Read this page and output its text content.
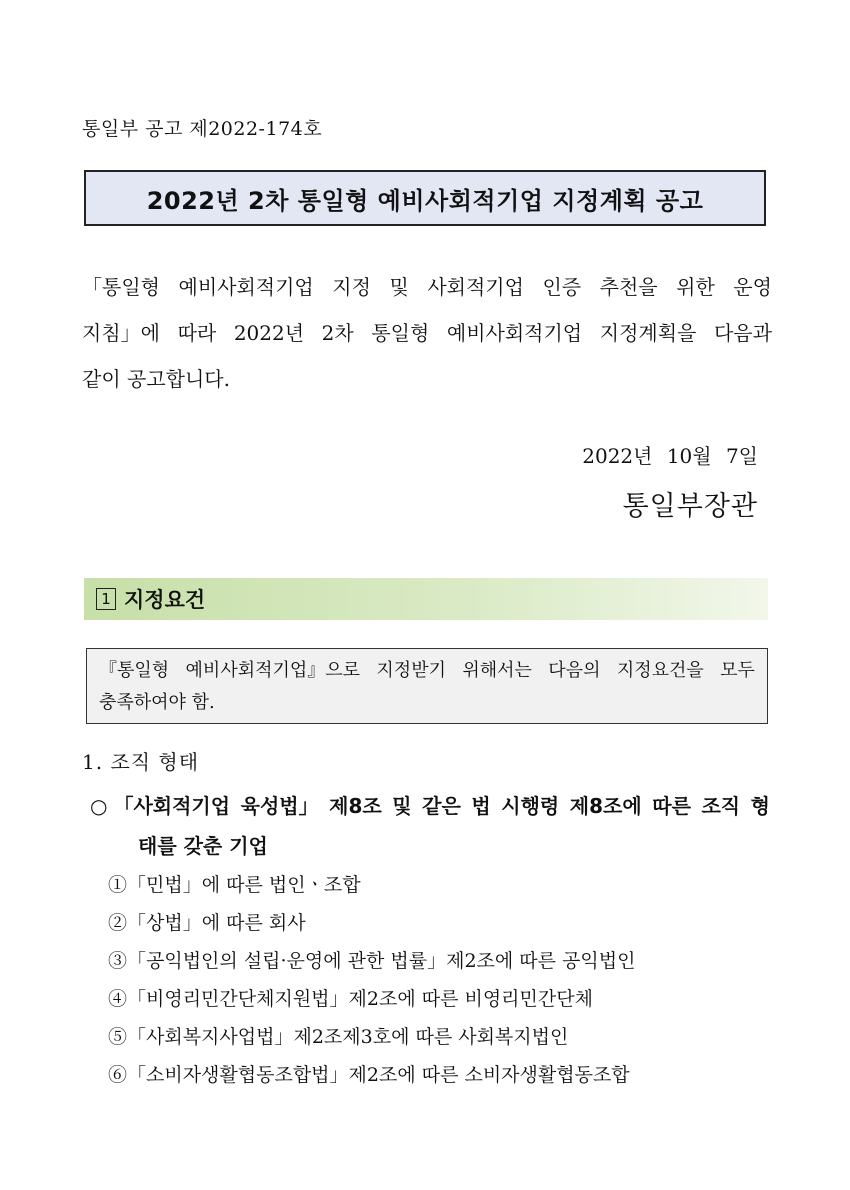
통일부 공고 제2022-174호
2022년 2차 통일형 예비사회적기업 지정계획 공고
「통일형 예비사회적기업 지정 및 사회적기업 인증 추천을 위한 운영
지침」에 따라 2022년 2차 통일형 예비사회적기업 지정계획을 다음과
같이 공고합니다.
2022년 10월 7일
통일부장관
1 지정요건
『통일형 예비사회적기업』으로 지정받기 위해서는 다음의 지정요건을 모두
충족하여야 함.
1. 조직 형태
○ 「사회적기업 육성법」 제8조 및 같은 법 시행령 제8조에 따른 조직 형
태를 갖춘 기업
①「민법」에 따른 법인ㆍ조합
②「상법」에 따른 회사
③「공익법인의 설립·운영에 관한 법률」제2조에 따른 공익법인
④「비영리민간단체지원법」제2조에 따른 비영리민간단체
⑤「사회복지사업법」제2조제3호에 따른 사회복지법인
⑥「소비자생활협동조합법」제2조에 따른 소비자생활협동조합
